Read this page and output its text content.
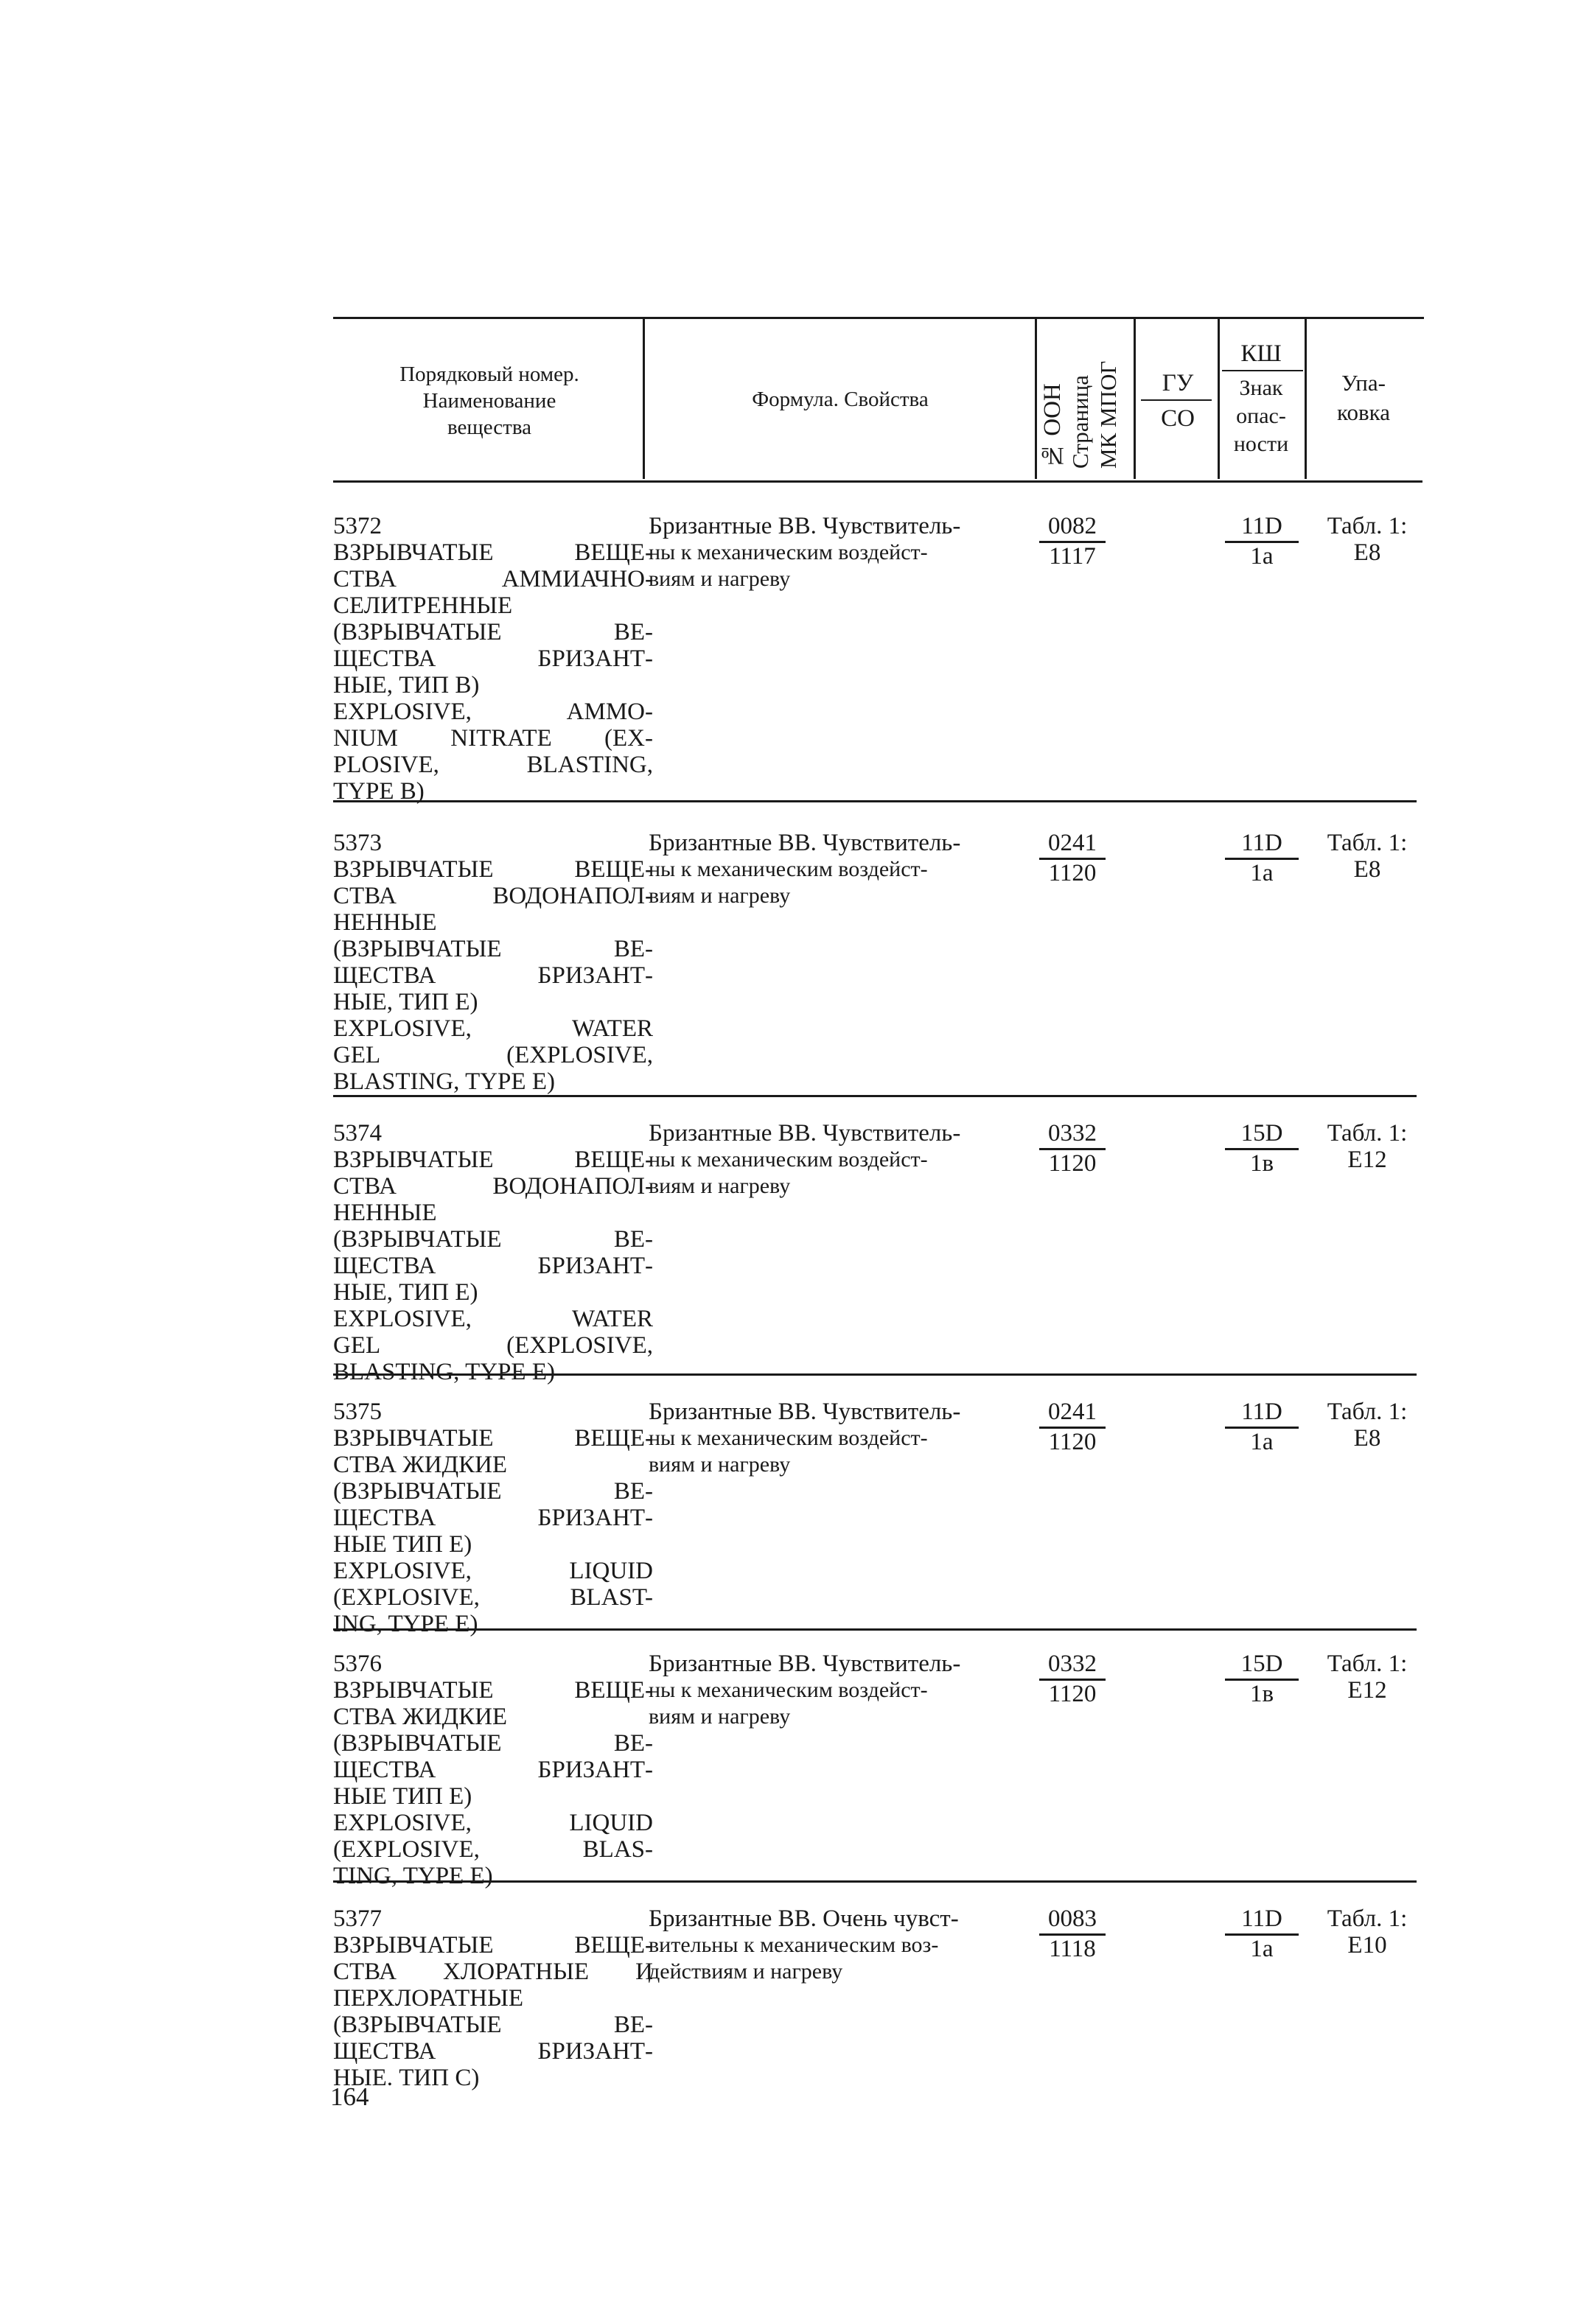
Порядковый номер.
Наименование
вещества
Формула. Свойства	№ ООН Страница МК МПОГ	ГУ
СО
КШ
Знак
опас-
ности
Упа-
ковка
5372
ВЗРЫВЧАТЫЕ ВЕЩЕ-
СТВА АММИАЧНО-
СЕЛИТРЕННЫЕ
(ВЗРЫВЧАТЫЕ ВЕ-
ЩЕСТВА БРИЗАНТ-
НЫЕ, ТИП В)
EXPLOSIVE, AMMO-
NIUM NITRATE (EX-
PLOSIVE, BLASTING,
TYPE B)
Бризантные ВВ. Чувствитель-
ны к механическим воздейст-
виям и нагреву
0082
1117
11D
1a
Табл. 1:
E8
5373
ВЗРЫВЧАТЫЕ ВЕЩЕ-
СТВА ВОДОНАПОЛ-
НЕННЫЕ
(ВЗРЫВЧАТЫЕ ВЕ-
ЩЕСТВА БРИЗАНТ-
НЫЕ, ТИП Е)
EXPLOSIVE, WATER
GEL (EXPLOSIVE,
BLASTING, TYPE E)
Бризантные ВВ. Чувствитель-
ны к механическим воздейст-
виям и нагреву
0241
1120
11D
1a
Табл. 1:
E8
5374
ВЗРЫВЧАТЫЕ ВЕЩЕ-
СТВА ВОДОНАПОЛ-
НЕННЫЕ
(ВЗРЫВЧАТЫЕ ВЕ-
ЩЕСТВА БРИЗАНТ-
НЫЕ, ТИП Е)
EXPLOSIVE, WATER
GEL (EXPLOSIVE,
BLASTING, TYPE E)
Бризантные ВВ. Чувствитель-
ны к механическим воздейст-
виям и нагреву
0332
1120
15D
1в
Табл. 1:
E12
5375
ВЗРЫВЧАТЫЕ ВЕЩЕ-
СТВА ЖИДКИЕ
(ВЗРЫВЧАТЫЕ ВЕ-
ЩЕСТВА БРИЗАНТ-
НЫЕ ТИП Е)
EXPLOSIVE, LIQUID
(EXPLOSIVE, BLAST-
ING, TYPE E)
Бризантные ВВ. Чувствитель-
ны к механическим воздейст-
виям и нагреву
0241
1120
11D
1a
Табл. 1:
E8
5376
ВЗРЫВЧАТЫЕ ВЕЩЕ-
СТВА ЖИДКИЕ
(ВЗРЫВЧАТЫЕ ВЕ-
ЩЕСТВА БРИЗАНТ-
НЫЕ ТИП Е)
EXPLOSIVE, LIQUID
(EXPLOSIVE, BLAS-
TING, TYPE E)
Бризантные ВВ. Чувствитель-
ны к механическим воздейст-
виям и нагреву
0332
1120
15D
1в
Табл. 1:
E12
5377
ВЗРЫВЧАТЫЕ ВЕЩЕ-
СТВА ХЛОРАТНЫЕ И
ПЕРХЛОРАТНЫЕ
(ВЗРЫВЧАТЫЕ ВЕ-
ЩЕСТВА БРИЗАНТ-
НЫЕ. ТИП С)
Бризантные ВВ. Очень чувст-
вительны к механическим воз-
действиям и нагреву
0083
1118
11D
1a
Табл. 1:
E10
164
